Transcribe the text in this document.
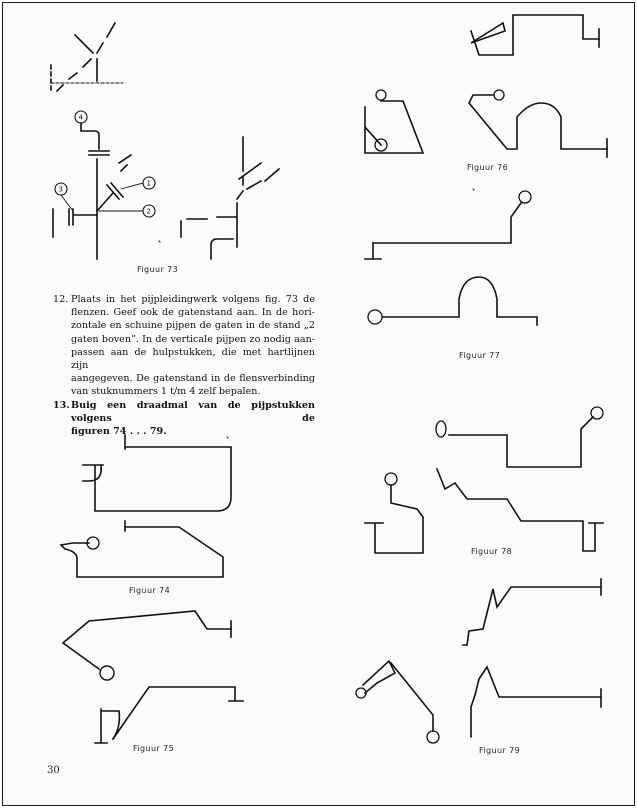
4
3
1
2
Figuur 73
Figuur 74
Figuur 75
Figuur 76
Figuur 77
Figuur 78
Figuur 79

12. Plaats in het pijpleidingwerk volgens fig. 73 de
flenzen. Geef ook de gatenstand aan. In de hori-
zontale en schuine pijpen de gaten in de stand „2
gaten boven”. In de verticale pijpen zo nodig aan-
passen aan de hulpstukken, die met hartlijnen zijn
aangegeven. De gatenstand in de flensverbinding
van stuknummers 1 t/m 4 zelf bepalen.

13. Buig een draadmal van de pijpstukken volgens de
figuren 74 . . . 79.

30
